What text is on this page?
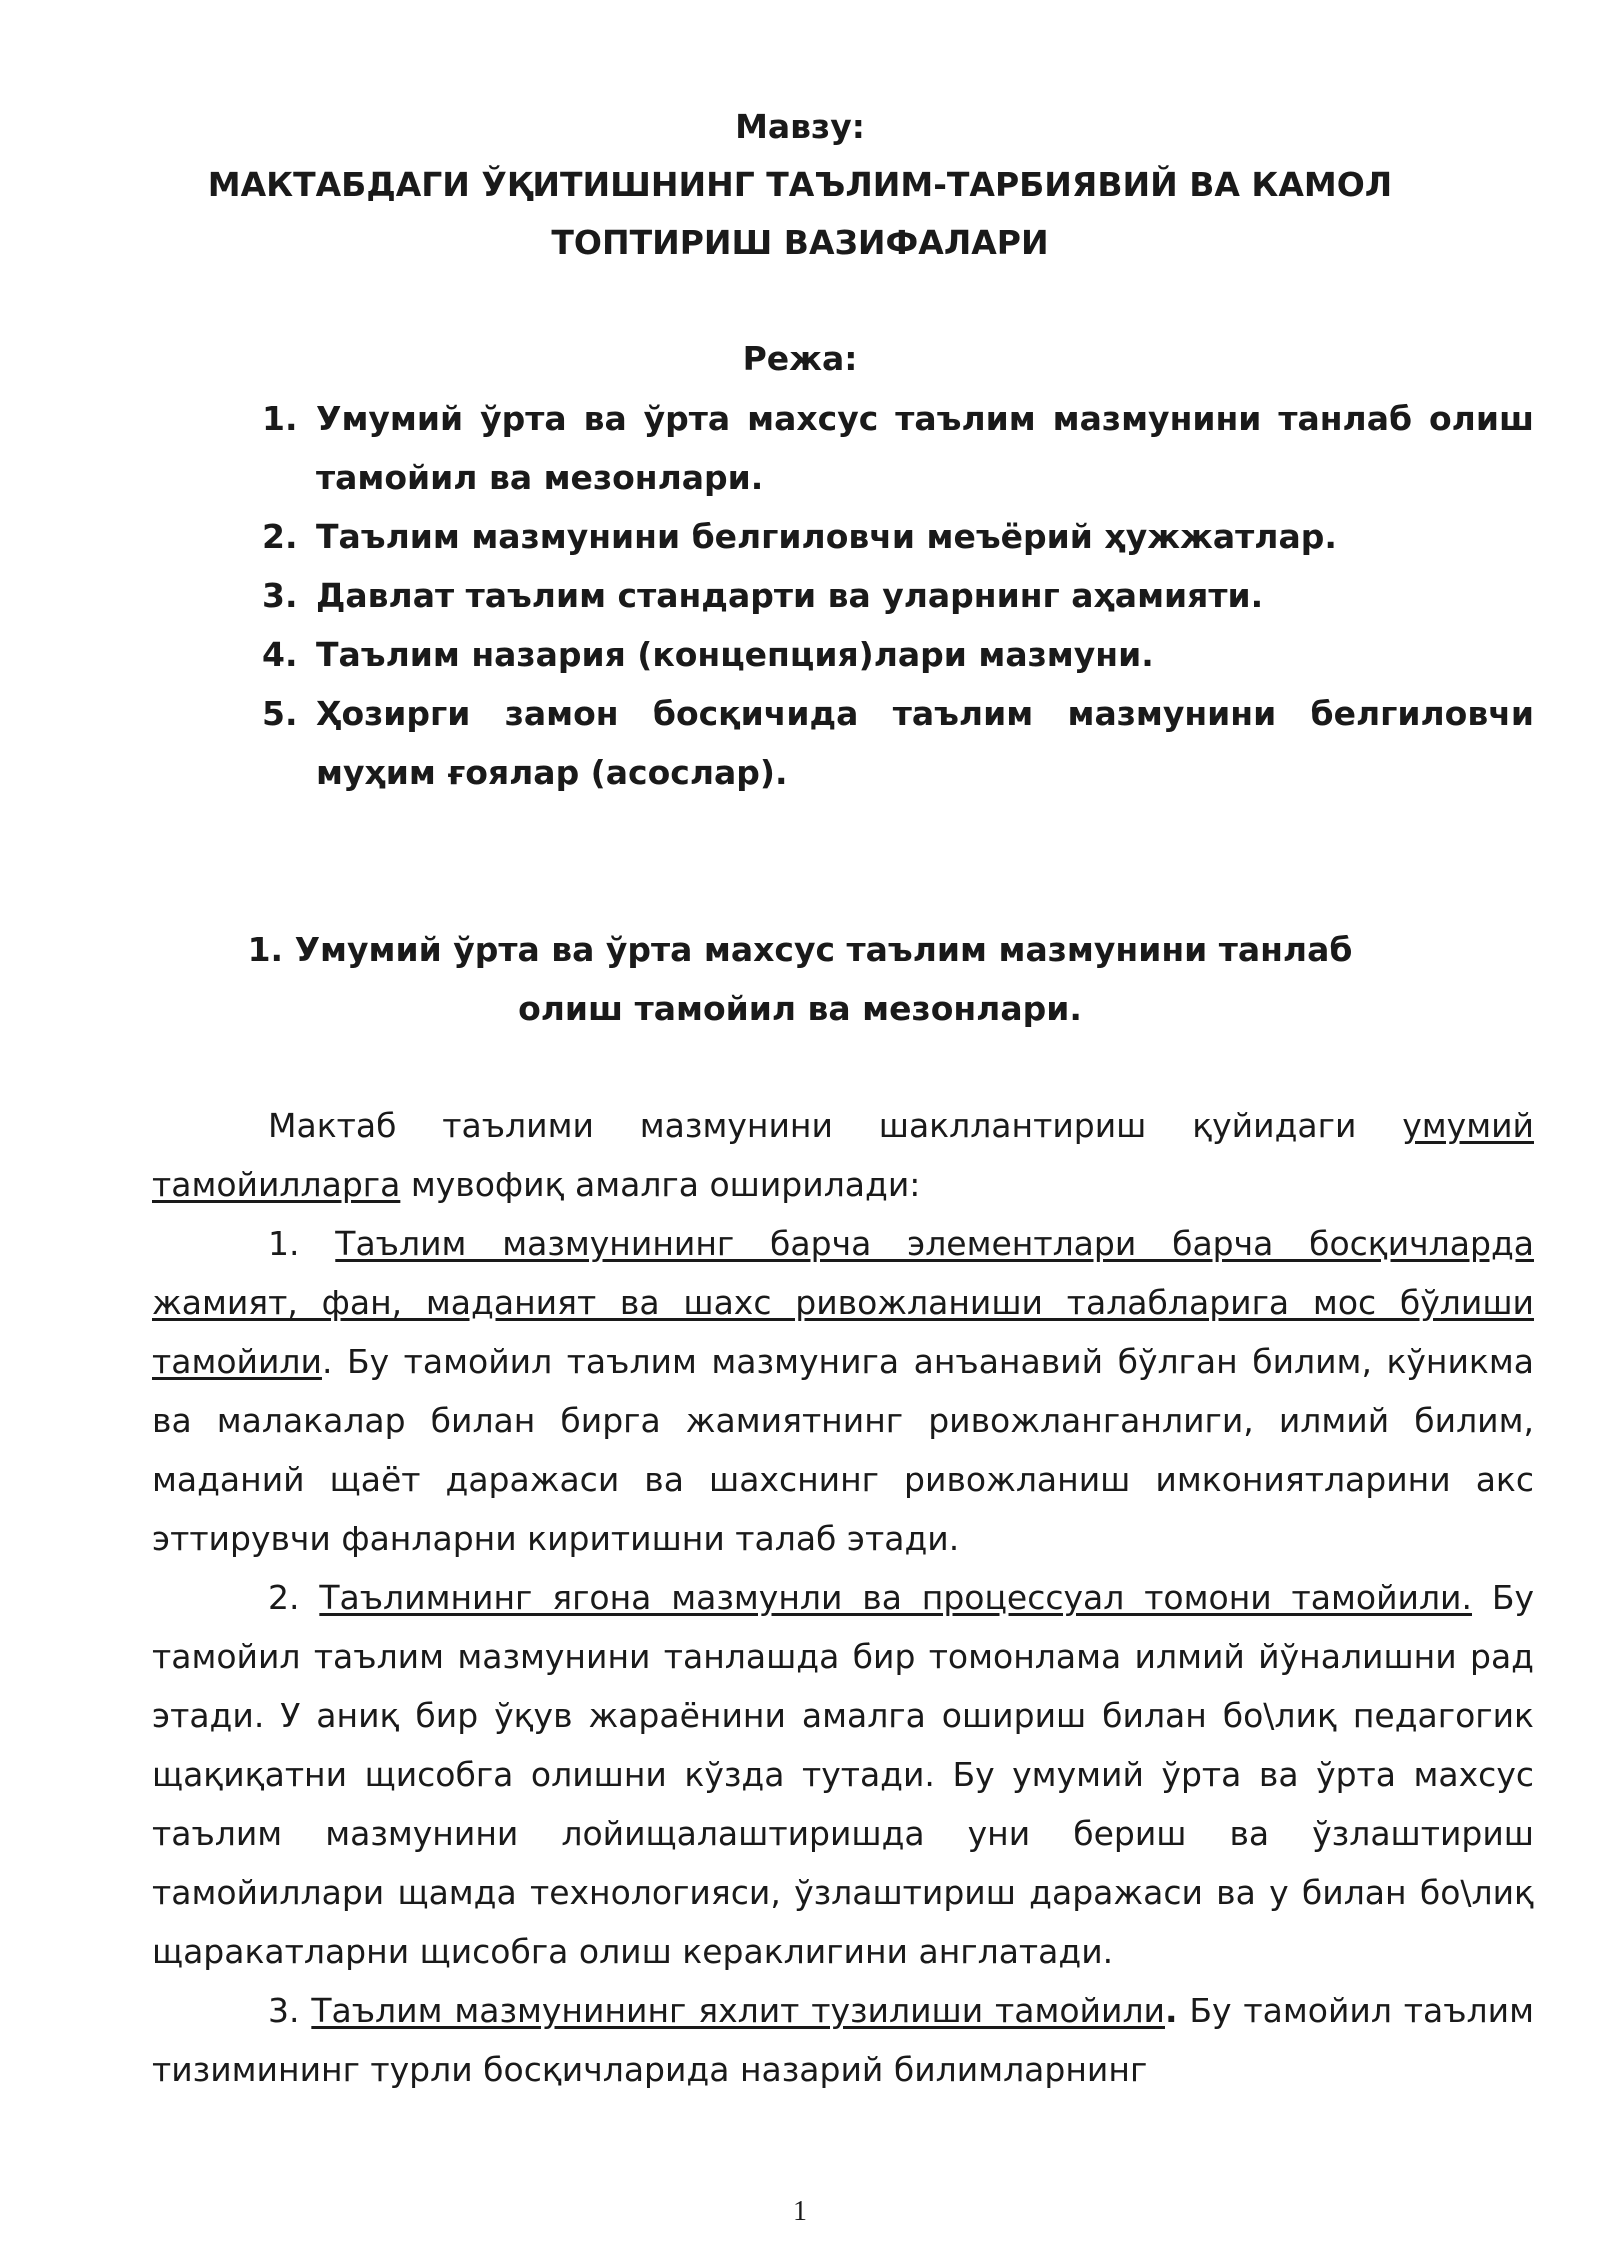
Мавзу:
МАКТАБДАГИ ЎҚИТИШНИНГ ТАЪЛИМ-ТАРБИЯВИЙ ВА КАМОЛ
ТОПТИРИШ ВАЗИФАЛАРИ
Режа:
1. Умумий ўрта ва ўрта махсус таълим мазмунини танлаб олиш тамойил ва мезонлари.
2. Таълим мазмунини белгиловчи меъёрий ҳужжатлар.
3. Давлат таълим стандарти ва уларнинг аҳамияти.
4. Таълим назария (концепция)лари мазмуни.
5. Ҳозирги замон босқичида таълим мазмунини белгиловчи муҳим ғоялар (асослар).
1. Умумий ўрта ва ўрта махсус таълим мазмунини танлаб
олиш тамойил ва мезонлари.

Мактаб таълими мазмунини шакллантириш қуйидаги умумий тамойилларга мувофиқ амалга оширилади:

1. Таълим мазмунининг барча элементлари барча босқичларда жамият, фан, маданият ва шахс ривожланиши талабларига мос бўлиши тамойили. Бу тамойил таълим мазмунига анъанавий бўлган билим, кўникма ва малакалар билан бирга жамиятнинг ривожланганлиги, илмий билим, маданий щаёт даражаси ва шахснинг ривожланиш имкониятларини акс эттирувчи фанларни киритишни талаб этади.

2. Таълимнинг ягона мазмунли ва процессуал томони тамойили. Бу тамойил таълим мазмунини танлашда бир томонлама илмий йўналишни рад этади. У аниқ бир ўқув жараёнини амалга ошириш билан бо\лиқ педагогик щақиқатни щисобга олишни кўзда тутади. Бу умумий ўрта ва ўрта махсус таълим мазмунини лойищалаштиришда уни бериш ва ўзлаштириш тамойиллари щамда технологияси, ўзлаштириш даражаси ва у билан бо\лиқ щаракатларни щисобга олиш кераклигини англатади.

3. Таълим мазмунининг яхлит тузилиши тамойили. Бу тамойил таълим тизимининг турли босқичларида назарий билимларнинг

1
